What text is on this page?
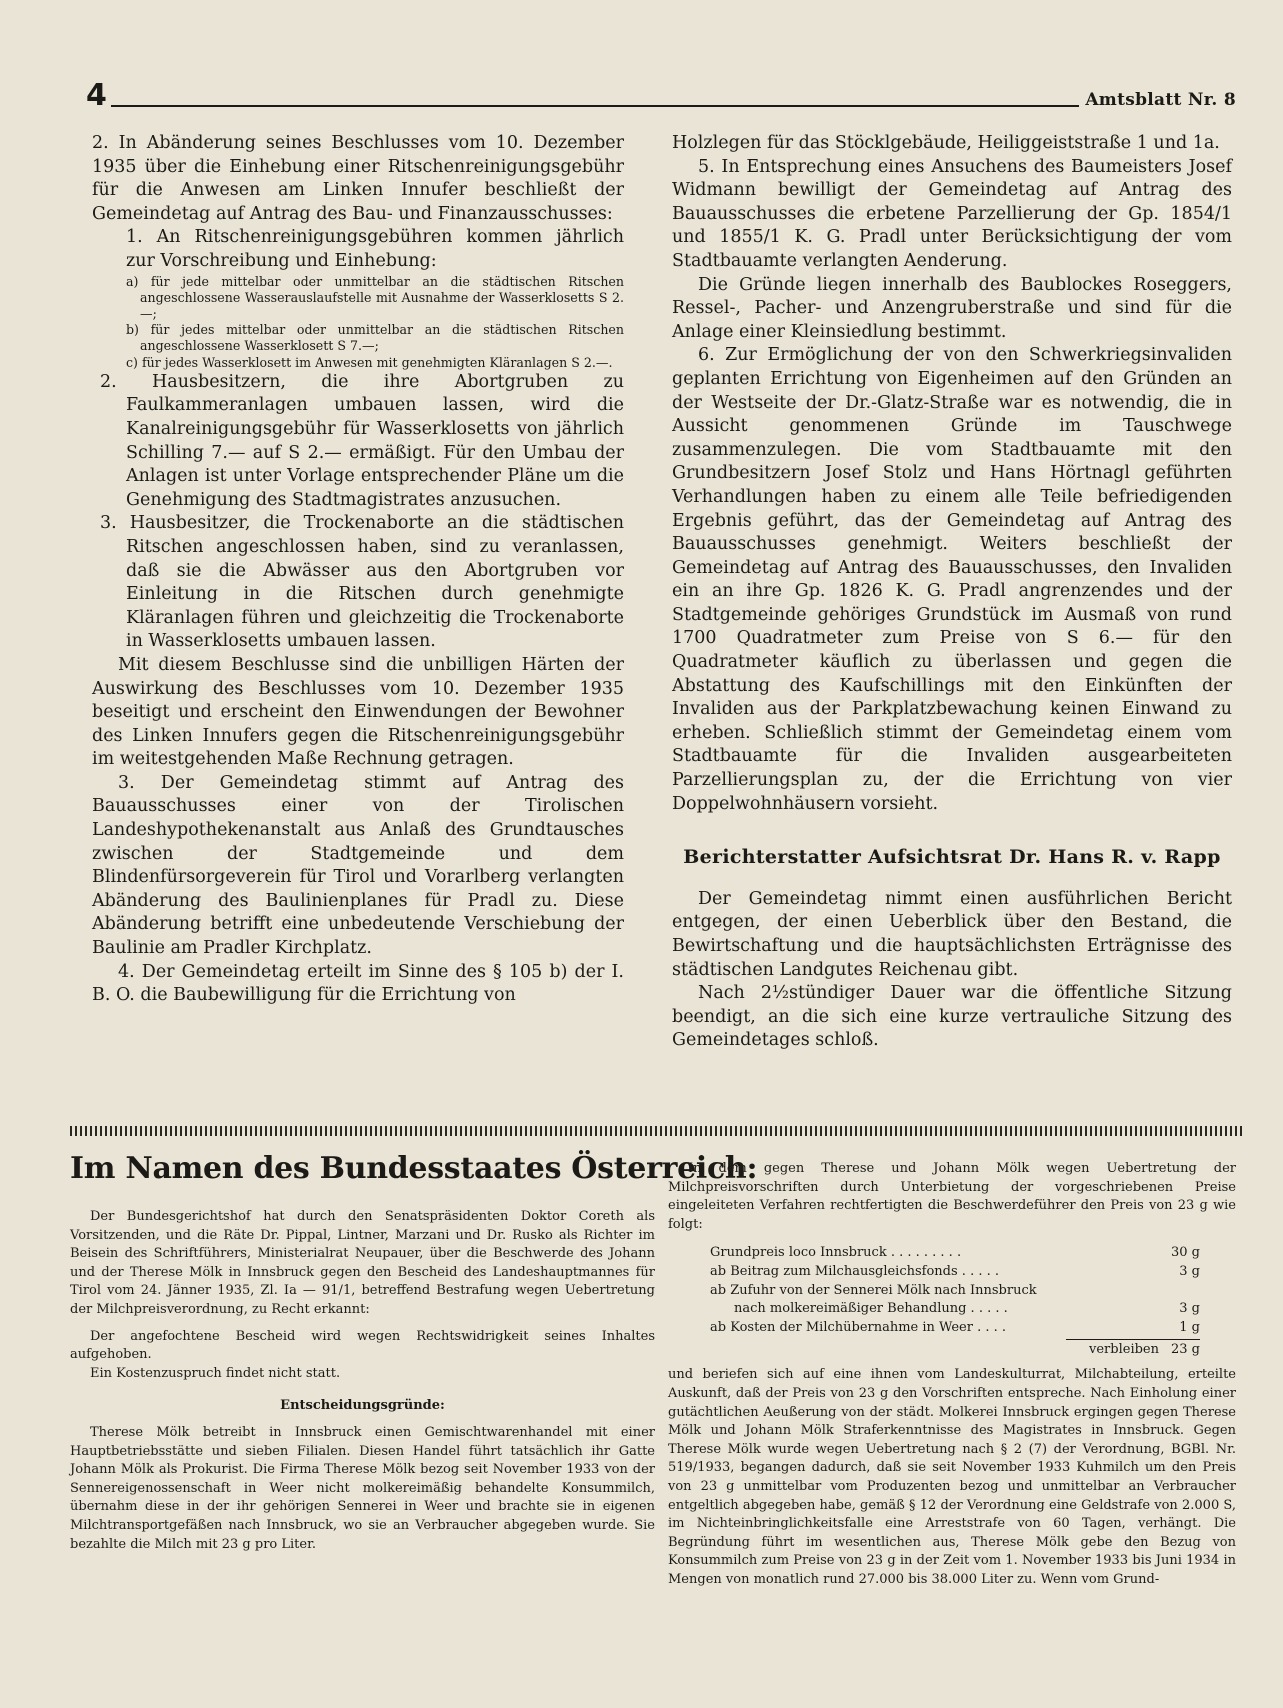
4	Amtsblatt Nr. 8

2. In Abänderung seines Beschlusses vom 10. Dezember 1935 über die Einhebung einer Ritschenreinigungsgebühr für die Anwesen am Linken Innufer beschließt der Gemeindetag auf Antrag des Bau- und Finanzausschusses:

1. An Ritschenreinigungsgebühren kommen jährlich zur Vorschreibung und Einhebung:

a) für jede mittelbar oder unmittelbar an die städtischen Ritschen angeschlossene Wasserauslaufstelle mit Ausnahme der Wasserklosetts S 2.—;

b) für jedes mittelbar oder unmittelbar an die städtischen Ritschen angeschlossene Wasserklosett S 7.—;

c) für jedes Wasserklosett im Anwesen mit genehmigten Kläranlagen S 2.—.

2. Hausbesitzern, die ihre Abortgruben zu Faulkammeranlagen umbauen lassen, wird die Kanalreinigungsgebühr für Wasserklosetts von jährlich Schilling 7.— auf S 2.— ermäßigt. Für den Umbau der Anlagen ist unter Vorlage entsprechender Pläne um die Genehmigung des Stadtmagistrates anzusuchen.

3. Hausbesitzer, die Trockenaborte an die städtischen Ritschen angeschlossen haben, sind zu veranlassen, daß sie die Abwässer aus den Abortgruben vor Einleitung in die Ritschen durch genehmigte Kläranlagen führen und gleichzeitig die Trockenaborte in Wasserklosetts umbauen lassen.

Mit diesem Beschlusse sind die unbilligen Härten der Auswirkung des Beschlusses vom 10. Dezember 1935 beseitigt und erscheint den Einwendungen der Bewohner des Linken Innufers gegen die Ritschenreinigungsgebühr im weitestgehenden Maße Rechnung getragen.

3. Der Gemeindetag stimmt auf Antrag des Bauausschusses einer von der Tirolischen Landeshypothekenanstalt aus Anlaß des Grundtausches zwischen der Stadtgemeinde und dem Blindenfürsorgeverein für Tirol und Vorarlberg verlangten Abänderung des Baulinienplanes für Pradl zu. Diese Abänderung betrifft eine unbedeutende Verschiebung der Baulinie am Pradler Kirchplatz.

4. Der Gemeindetag erteilt im Sinne des § 105 b) der I. B. O. die Baubewilligung für die Errichtung von

Holzlegen für das Stöcklgebäude, Heiliggeiststraße 1 und 1a.

5. In Entsprechung eines Ansuchens des Baumeisters Josef Widmann bewilligt der Gemeindetag auf Antrag des Bauausschusses die erbetene Parzellierung der Gp. 1854/1 und 1855/1 K. G. Pradl unter Berücksichtigung der vom Stadtbauamte verlangten Aenderung.

Die Gründe liegen innerhalb des Baublockes Roseggers, Ressel-, Pacher- und Anzengruberstraße und sind für die Anlage einer Kleinsiedlung bestimmt.

6. Zur Ermöglichung der von den Schwerkriegsinvaliden geplanten Errichtung von Eigenheimen auf den Gründen an der Westseite der Dr.-Glatz-Straße war es notwendig, die in Aussicht genommenen Gründe im Tauschwege zusammenzulegen. Die vom Stadtbauamte mit den Grundbesitzern Josef Stolz und Hans Hörtnagl geführten Verhandlungen haben zu einem alle Teile befriedigenden Ergebnis geführt, das der Gemeindetag auf Antrag des Bauausschusses genehmigt. Weiters beschließt der Gemeindetag auf Antrag des Bauausschusses, den Invaliden ein an ihre Gp. 1826 K. G. Pradl angrenzendes und der Stadtgemeinde gehöriges Grundstück im Ausmaß von rund 1700 Quadratmeter zum Preise von S 6.— für den Quadratmeter käuflich zu überlassen und gegen die Abstattung des Kaufschillings mit den Einkünften der Invaliden aus der Parkplatzbewachung keinen Einwand zu erheben. Schließlich stimmt der Gemeindetag einem vom Stadtbauamte für die Invaliden ausgearbeiteten Parzellierungsplan zu, der die Errichtung von vier Doppelwohnhäusern vorsieht.

Berichterstatter Aufsichtsrat Dr. Hans R. v. Rapp

Der Gemeindetag nimmt einen ausführlichen Bericht entgegen, der einen Ueberblick über den Bestand, die Bewirtschaftung und die hauptsächlichsten Erträgnisse des städtischen Landgutes Reichenau gibt.

Nach 2½stündiger Dauer war die öffentliche Sitzung beendigt, an die sich eine kurze vertrauliche Sitzung des Gemeindetages schloß.

Im Namen des Bundesstaates Österreich:

Der Bundesgerichtshof hat durch den Senatspräsidenten Doktor Coreth als Vorsitzenden, und die Räte Dr. Pippal, Lintner, Marzani und Dr. Rusko als Richter im Beisein des Schriftführers, Ministerialrat Neupauer, über die Beschwerde des Johann und der Therese Mölk in Innsbruck gegen den Bescheid des Landeshauptmannes für Tirol vom 24. Jänner 1935, Zl. Ia — 91/1, betreffend Bestrafung wegen Uebertretung der Milchpreisverordnung, zu Recht erkannt:

Der angefochtene Bescheid wird wegen Rechtswidrigkeit seines Inhaltes aufgehoben.

Ein Kostenzuspruch findet nicht statt.

Entscheidungsgründe:

Therese Mölk betreibt in Innsbruck einen Gemischtwarenhandel mit einer Hauptbetriebsstätte und sieben Filialen. Diesen Handel führt tatsächlich ihr Gatte Johann Mölk als Prokurist. Die Firma Therese Mölk bezog seit November 1933 von der Sennereigenossenschaft in Weer nicht molkereimäßig behandelte Konsummilch, übernahm diese in der ihr gehörigen Sennerei in Weer und brachte sie in eigenen Milchtransportgefäßen nach Innsbruck, wo sie an Verbraucher abgegeben wurde. Sie bezahlte die Milch mit 23 g pro Liter.

In dem gegen Therese und Johann Mölk wegen Uebertretung der Milchpreisvorschriften durch Unterbietung der vorgeschriebenen Preise eingeleiteten Verfahren rechtfertigten die Beschwerdeführer den Preis von 23 g wie folgt:

Grundpreis loco Innsbruck . . . . . . . . .	30 g
ab Beitrag zum Milchausgleichsfonds . . . . .	3 g
ab Zufuhr von der Sennerei Mölk nach Innsbruck
nach molkereimäßiger Behandlung . . . . .	3 g
ab Kosten der Milchübernahme in Weer . . . .	1 g
verbleiben 23 g

und beriefen sich auf eine ihnen vom Landeskulturrat, Milchabteilung, erteilte Auskunft, daß der Preis von 23 g den Vorschriften entspreche. Nach Einholung einer gutächtlichen Aeußerung von der städt. Molkerei Innsbruck ergingen gegen Therese Mölk und Johann Mölk Straferkenntnisse des Magistrates in Innsbruck. Gegen Therese Mölk wurde wegen Uebertretung nach § 2 (7) der Verordnung, BGBl. Nr. 519/1933, begangen dadurch, daß sie seit November 1933 Kuhmilch um den Preis von 23 g unmittelbar vom Produzenten bezog und unmittelbar an Verbraucher entgeltlich abgegeben habe, gemäß § 12 der Verordnung eine Geldstrafe von 2.000 S, im Nichteinbringlichkeitsfalle eine Arreststrafe von 60 Tagen, verhängt. Die Begründung führt im wesentlichen aus, Therese Mölk gebe den Bezug von Konsummilch zum Preise von 23 g in der Zeit vom 1. November 1933 bis Juni 1934 in Mengen von monatlich rund 27.000 bis 38.000 Liter zu. Wenn vom Grund-
